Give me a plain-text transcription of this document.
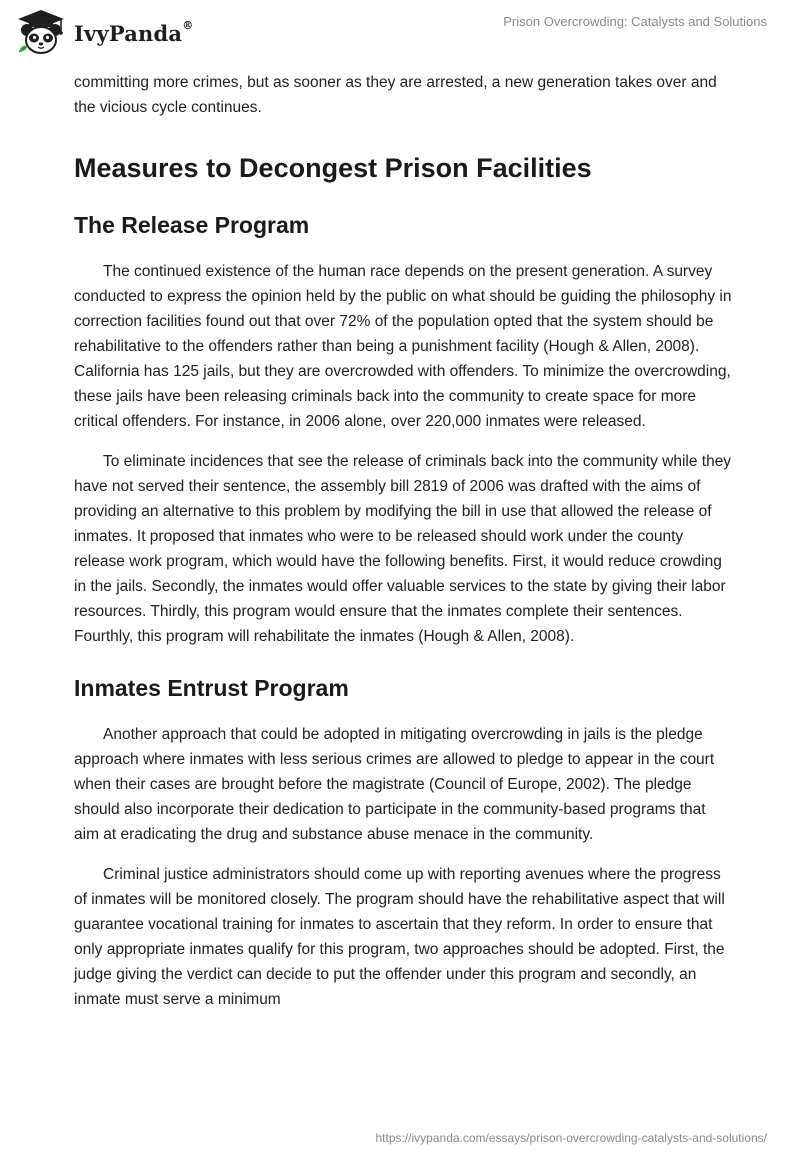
IvyPanda®	Prison Overcrowding: Catalysts and Solutions

committing more crimes, but as sooner as they are arrested, a new generation takes over and the vicious cycle continues.

Measures to Decongest Prison Facilities
The Release Program

The continued existence of the human race depends on the present generation. A survey conducted to express the opinion held by the public on what should be guiding the philosophy in correction facilities found out that over 72% of the population opted that the system should be rehabilitative to the offenders rather than being a punishment facility (Hough & Allen, 2008). California has 125 jails, but they are overcrowded with offenders. To minimize the overcrowding, these jails have been releasing criminals back into the community to create space for more critical offenders. For instance, in 2006 alone, over 220,000 inmates were released.

To eliminate incidences that see the release of criminals back into the community while they have not served their sentence, the assembly bill 2819 of 2006 was drafted with the aims of providing an alternative to this problem by modifying the bill in use that allowed the release of inmates. It proposed that inmates who were to be released should work under the county release work program, which would have the following benefits. First, it would reduce crowding in the jails. Secondly, the inmates would offer valuable services to the state by giving their labor resources. Thirdly, this program would ensure that the inmates complete their sentences. Fourthly, this program will rehabilitate the inmates (Hough & Allen, 2008).

Inmates Entrust Program

Another approach that could be adopted in mitigating overcrowding in jails is the pledge approach where inmates with less serious crimes are allowed to pledge to appear in the court when their cases are brought before the magistrate (Council of Europe, 2002). The pledge should also incorporate their dedication to participate in the community-based programs that aim at eradicating the drug and substance abuse menace in the community.

Criminal justice administrators should come up with reporting avenues where the progress of inmates will be monitored closely. The program should have the rehabilitative aspect that will guarantee vocational training for inmates to ascertain that they reform. In order to ensure that only appropriate inmates qualify for this program, two approaches should be adopted. First, the judge giving the verdict can decide to put the offender under this program and secondly, an inmate must serve a minimum

https://ivypanda.com/essays/prison-overcrowding-catalysts-and-solutions/
